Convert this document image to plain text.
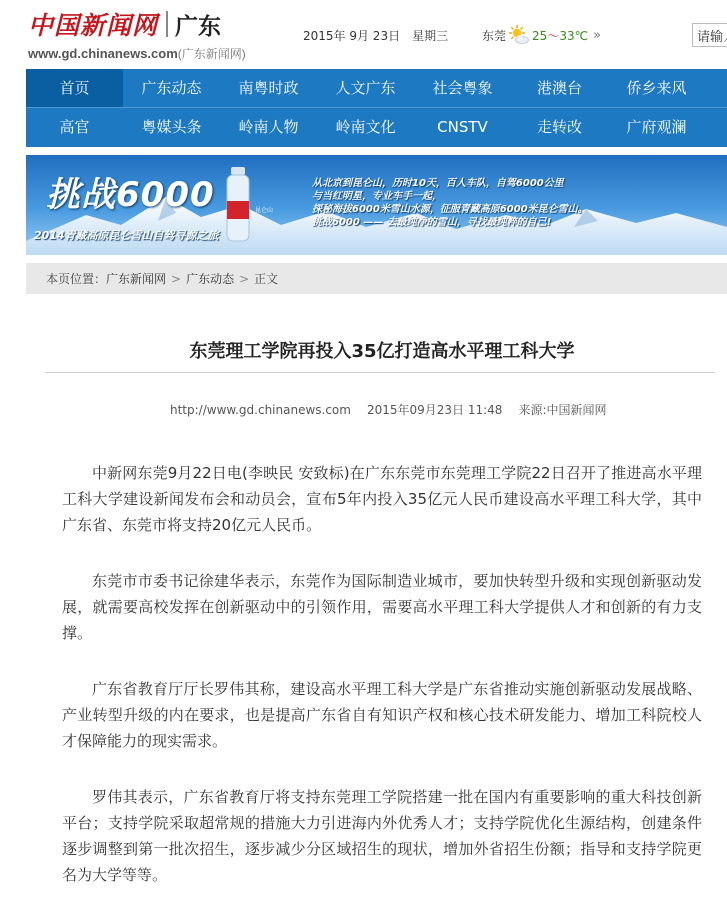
中国新闻网 广东
www.gd.chinanews.com(广东新闻网)
2015年 9月 23日 星期三	东莞 25～33℃ »
请输入
首页	广东动态	南粤时政	人文广东	社会粤象	港澳台	侨乡来风
高官	粤媒头条	岭南人物	岭南文化	CNSTV	走转改	广府观澜
挑战6000
2014青藏高原昆仑雪山自驾寻源之旅
从北京到昆仑山，历时10天，百人车队，自驾6000公里
与当红明星，专业车手一起，
探秘海拔6000米雪山水源，征服青藏高原6000米昆仑雪山。
挑战6000 —— 去最纯净的雪山，寻找最纯粹的自己!
昆仑山
本页位置： 广东新闻网 > 广东动态 > 正文
东莞理工学院再投入35亿打造高水平理工科大学
http://www.gd.chinanews.com 2015年09月23日 11:48 来源:中国新闻网

中新网东莞9月22日电(李映民 安致标)在广东东莞市东莞理工学院22日召开了推进高水平理工科大学建设新闻发布会和动员会，宣布5年内投入35亿元人民币建设高水平理工科大学，其中广东省、东莞市将支持20亿元人民币。

东莞市市委书记徐建华表示，东莞作为国际制造业城市，要加快转型升级和实现创新驱动发展，就需要高校发挥在创新驱动中的引领作用，需要高水平理工科大学提供人才和创新的有力支撑。

广东省教育厅厅长罗伟其称，建设高水平理工科大学是广东省推动实施创新驱动发展战略、产业转型升级的内在要求，也是提高广东省自有知识产权和核心技术研发能力、增加工科院校人才保障能力的现实需求。

罗伟其表示，广东省教育厅将支持东莞理工学院搭建一批在国内有重要影响的重大科技创新平台；支持学院采取超常规的措施大力引进海内外优秀人才；支持学院优化生源结构，创建条件逐步调整到第一批次招生，逐步减少分区域招生的现状，增加外省招生份额；指导和支持学院更名为大学等等。
